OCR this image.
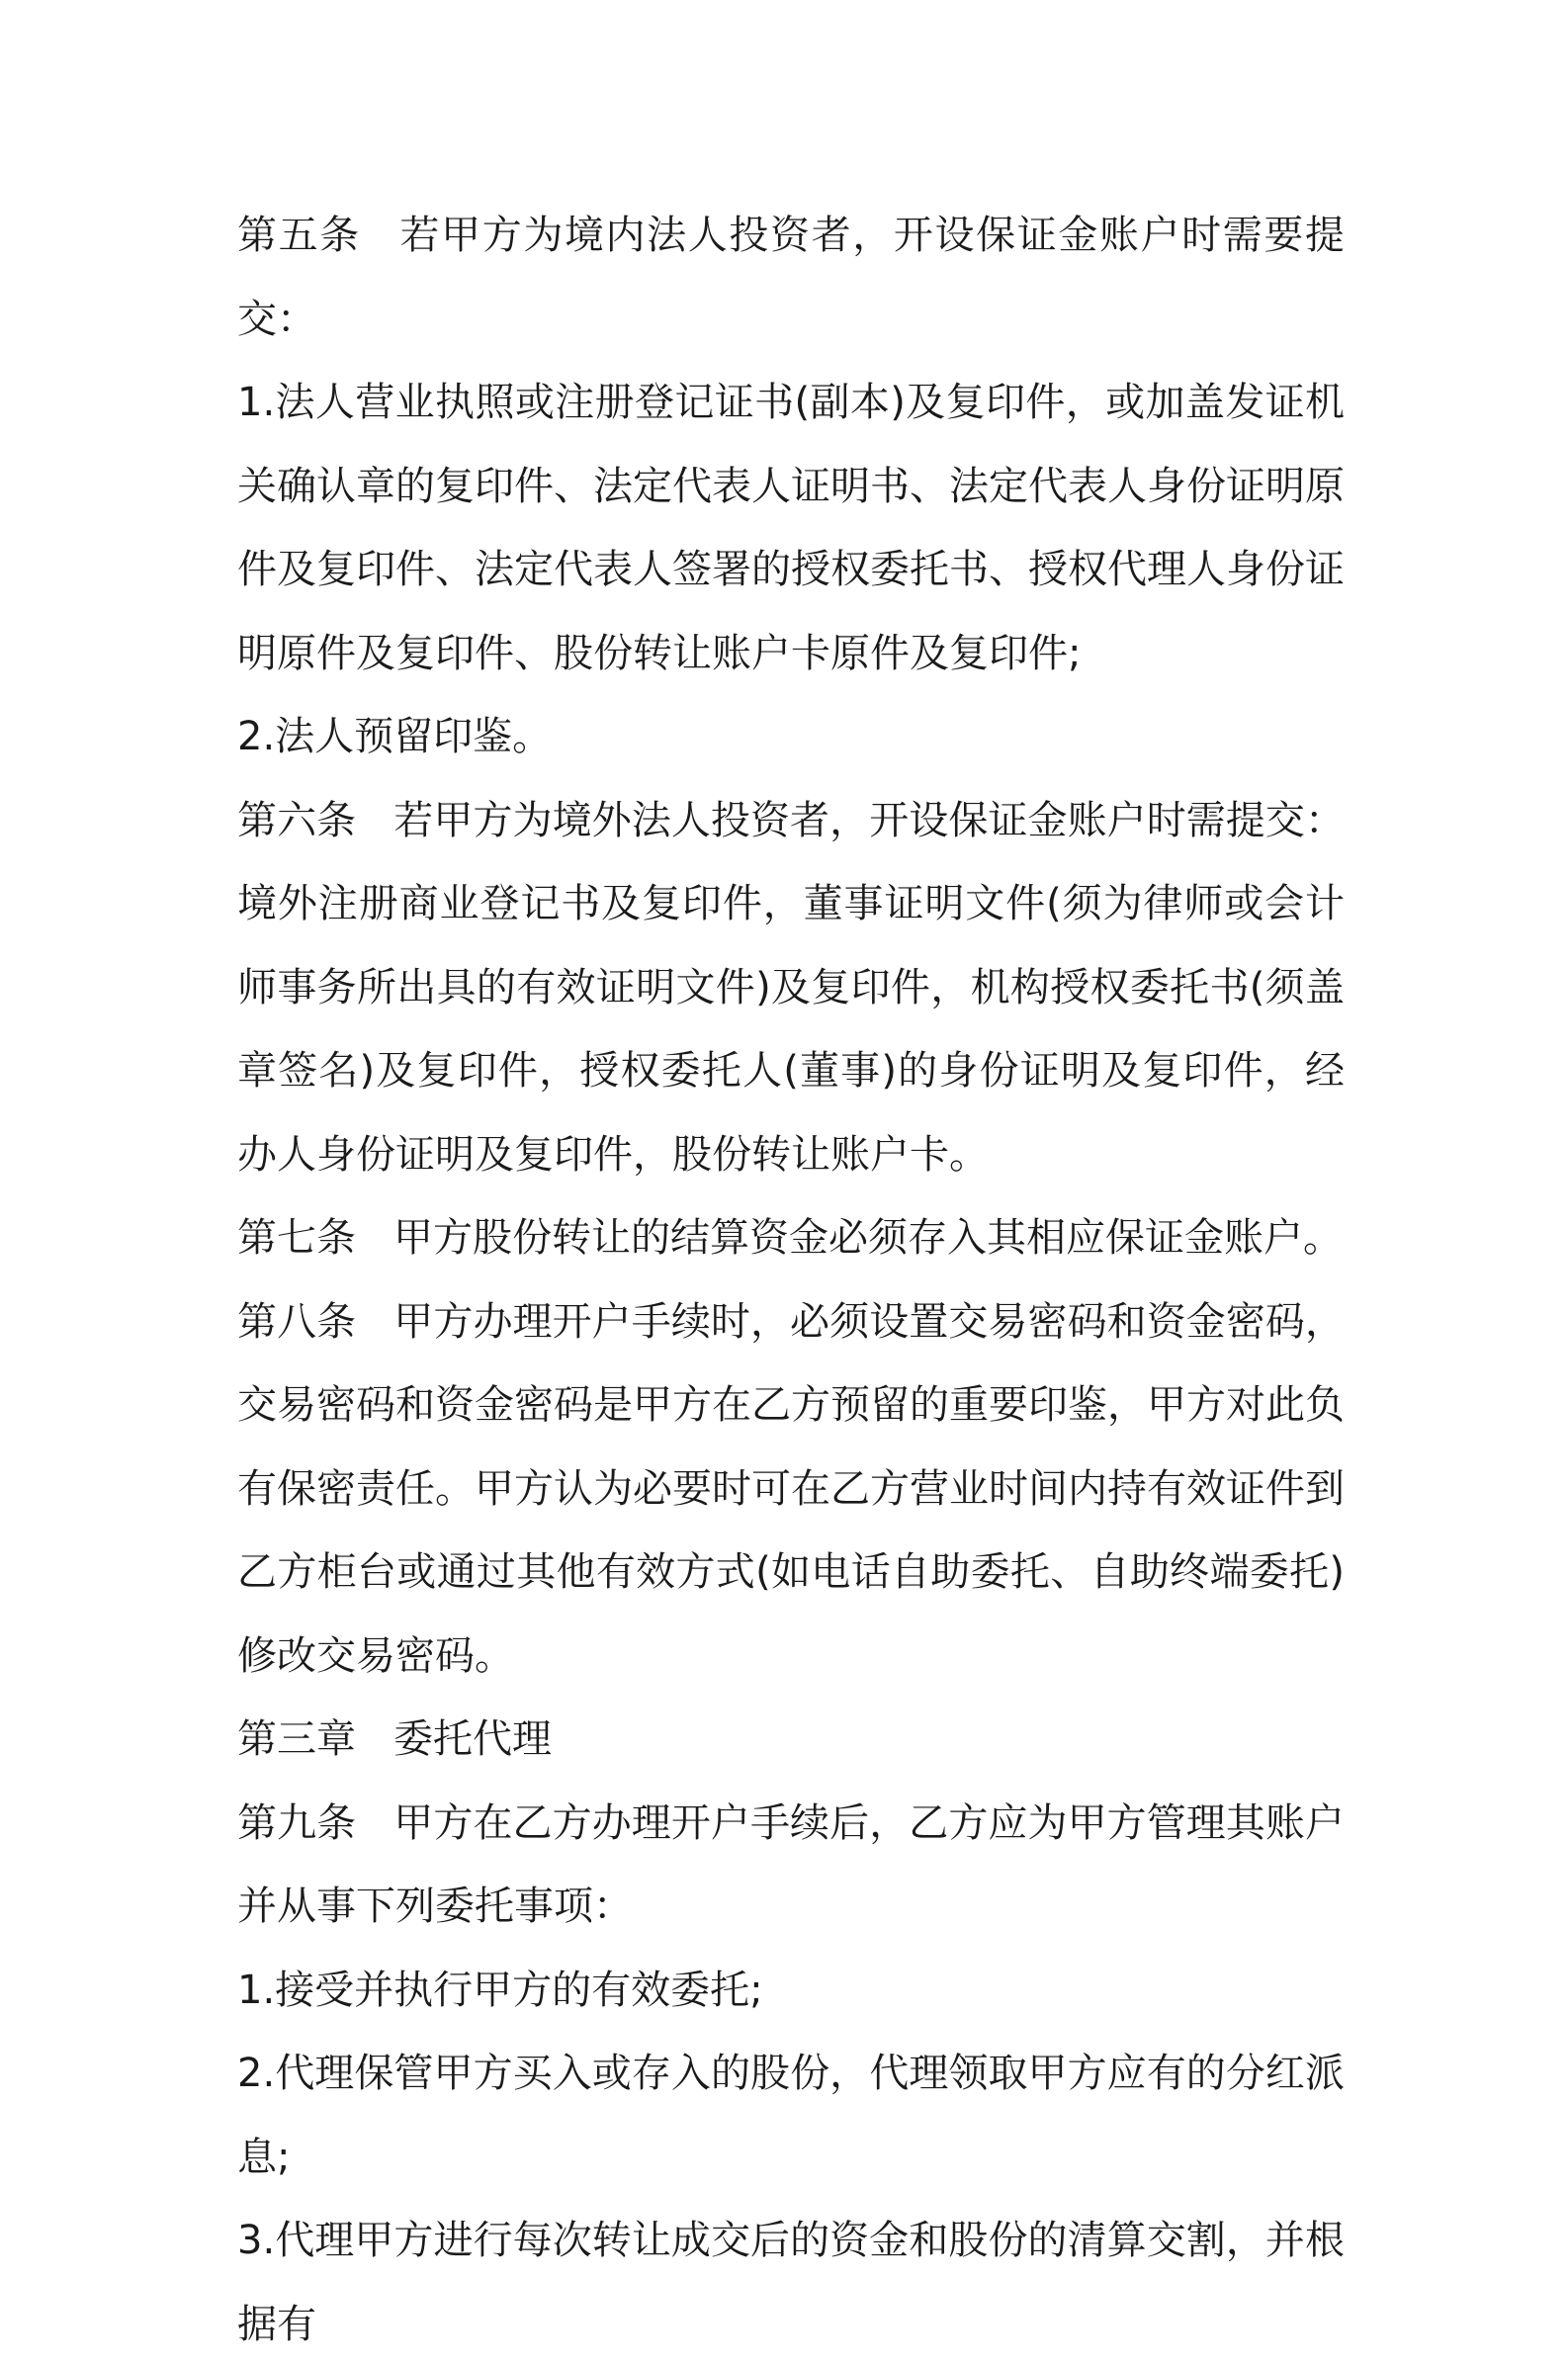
第五条 若甲方为境内法人投资者，开设保证金账户时需要提交：

1.法人营业执照或注册登记证书(副本)及复印件，或加盖发证机关确认章的复印件、法定代表人证明书、法定代表人身份证明原件及复印件、法定代表人签署的授权委托书、授权代理人身份证明原件及复印件、股份转让账户卡原件及复印件;

2.法人预留印鉴。

第六条 若甲方为境外法人投资者，开设保证金账户时需提交：境外注册商业登记书及复印件，董事证明文件(须为律师或会计师事务所出具的有效证明文件)及复印件，机构授权委托书(须盖章签名)及复印件，授权委托人(董事)的身份证明及复印件，经办人身份证明及复印件，股份转让账户卡。

第七条 甲方股份转让的结算资金必须存入其相应保证金账户。

第八条 甲方办理开户手续时，必须设置交易密码和资金密码，交易密码和资金密码是甲方在乙方预留的重要印鉴，甲方对此负有保密责任。甲方认为必要时可在乙方营业时间内持有效证件到乙方柜台或通过其他有效方式(如电话自助委托、自助终端委托)修改交易密码。

第三章 委托代理

第九条 甲方在乙方办理开户手续后，乙方应为甲方管理其账户并从事下列委托事项：

1.接受并执行甲方的有效委托;

2.代理保管甲方买入或存入的股份，代理领取甲方应有的分红派息;

3.代理甲方进行每次转让成交后的资金和股份的清算交割，并根据有
